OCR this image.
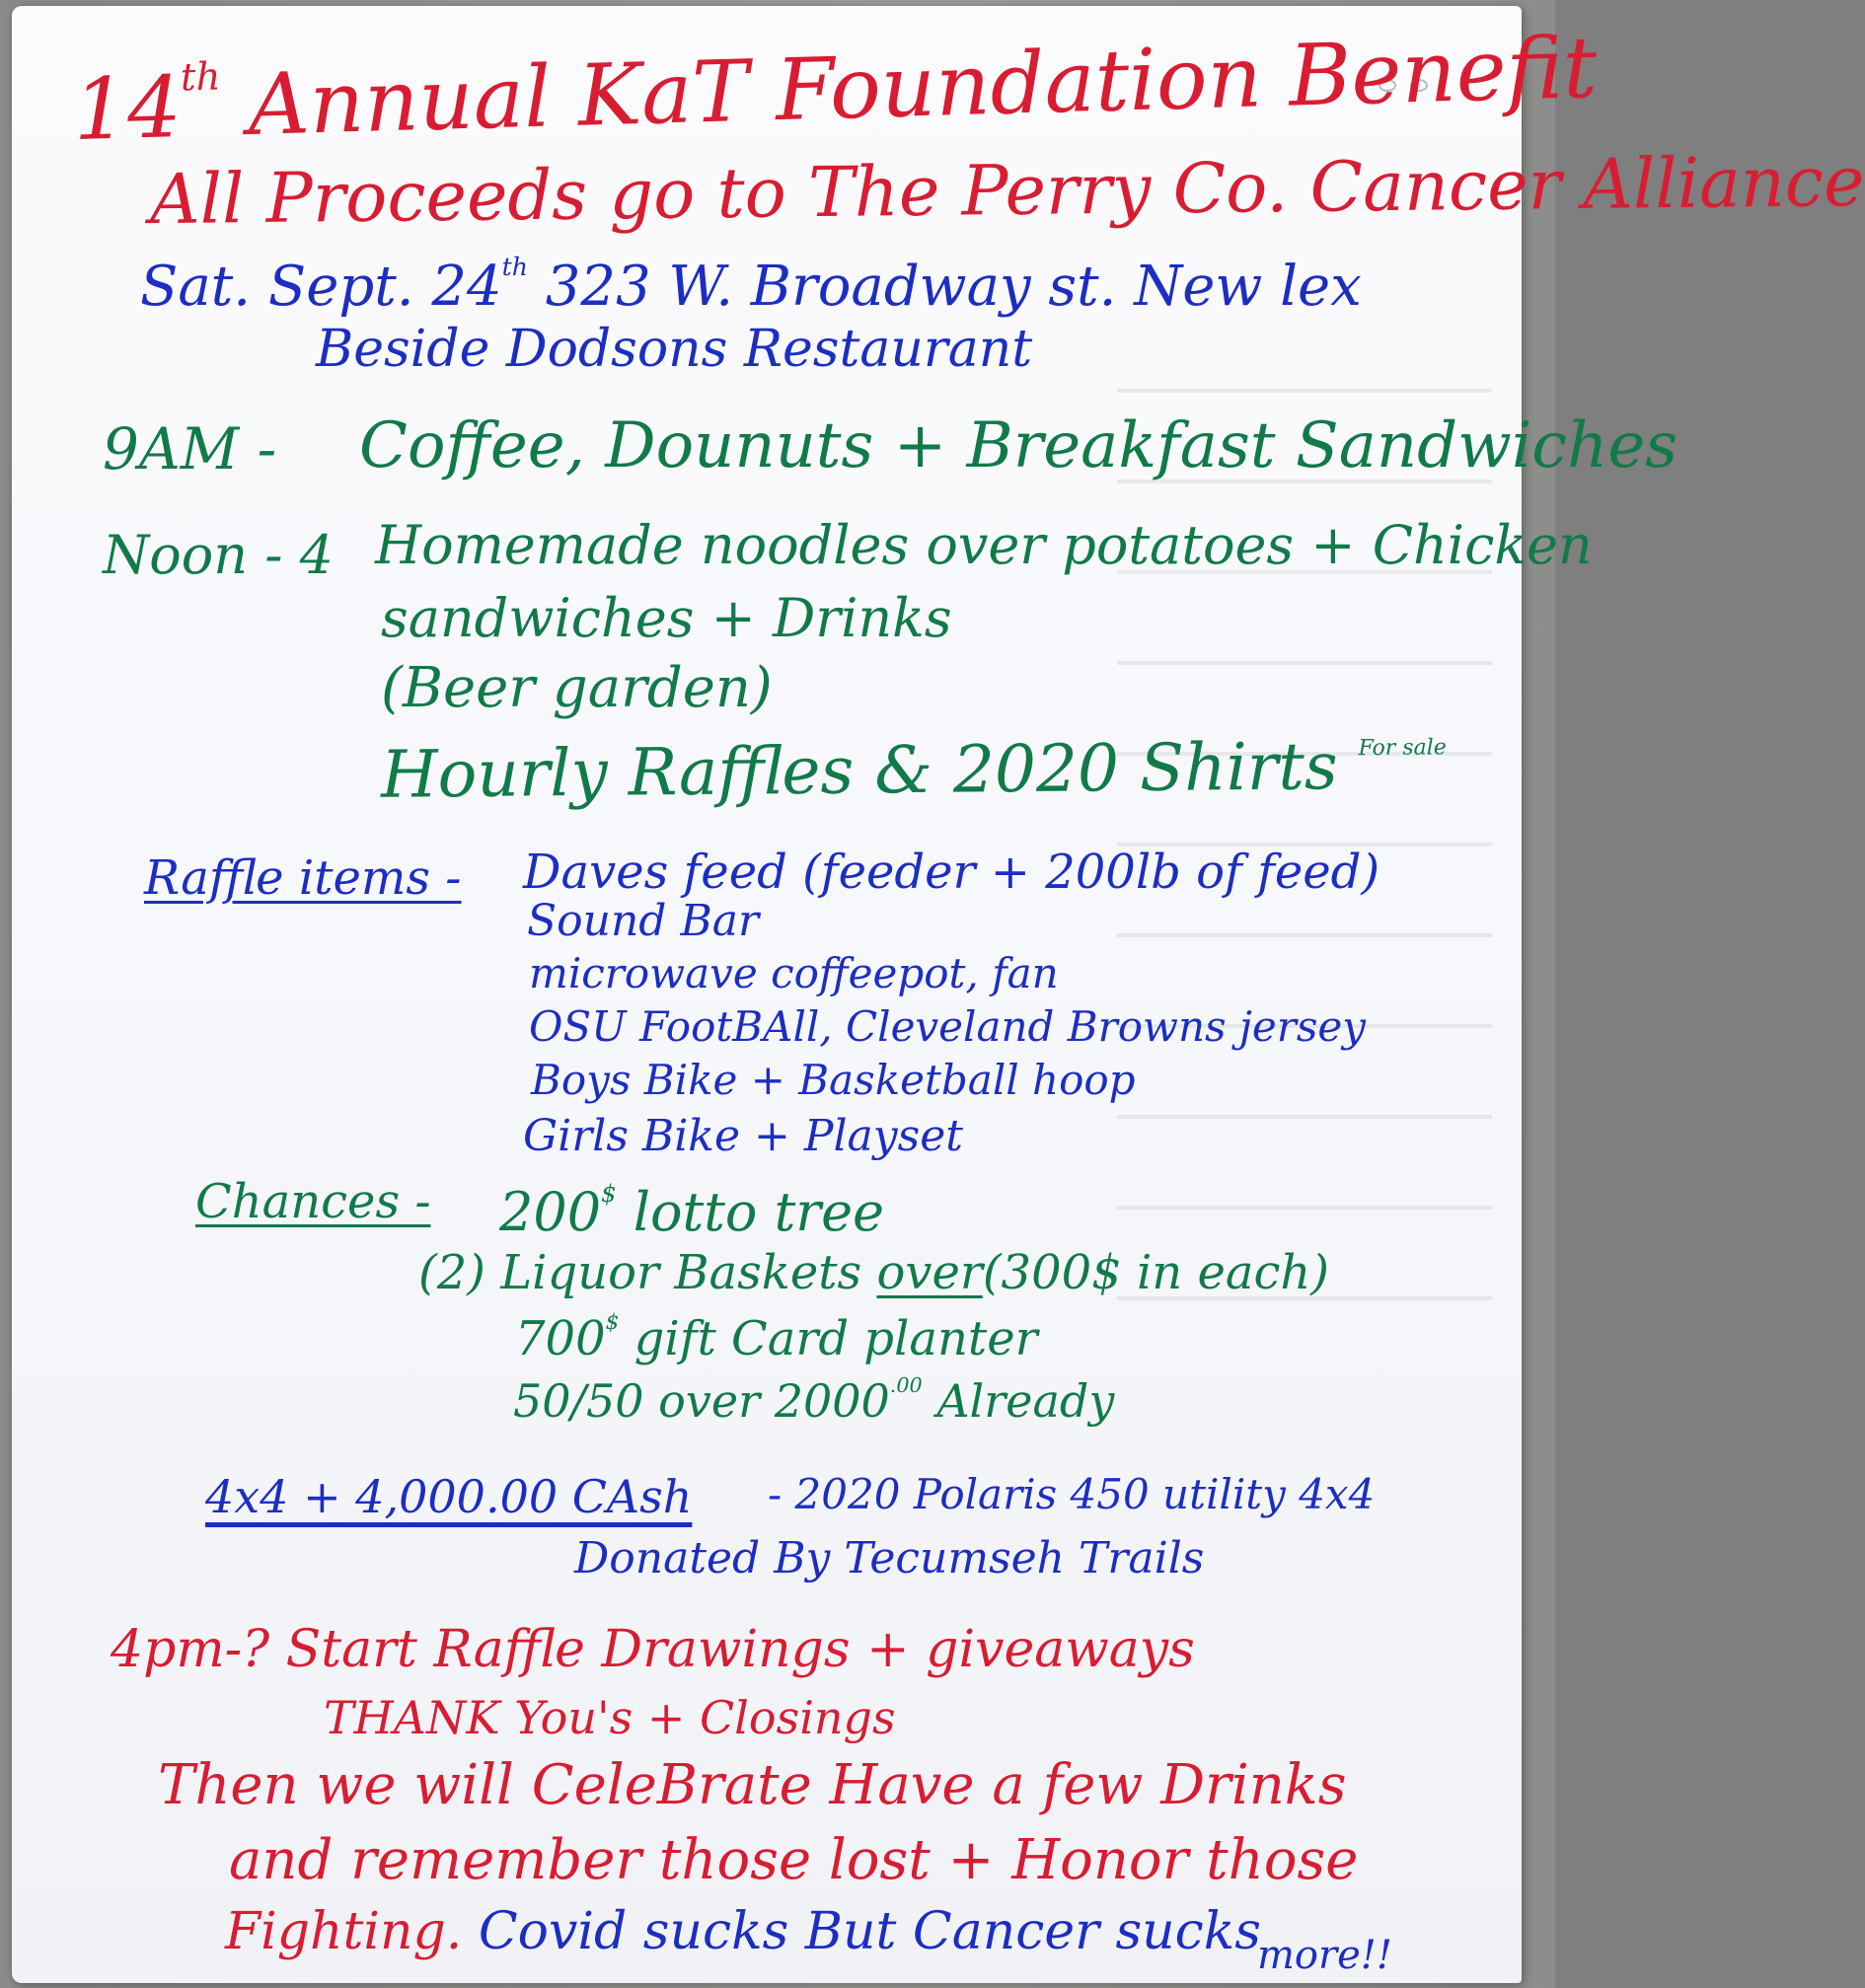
14th Annual KaT Foundation Benefit
All Proceeds go to The Perry Co. Cancer Alliance
Sat. Sept. 24th 323 W. Broadway st. New lex
Beside Dodsons Restaurant
9AM - Coffee, Dounuts + Breakfast Sandwiches
Noon - 4 Homemade noodles over potatoes + Chicken
sandwiches + Drinks
(Beer garden)
Hourly Raffles & 2020 Shirts $^{For sale}$
Raffle items - Daves feed (feeder + 200lb of feed)
Sound Bar
microwave coffeepot, fan
OSU FootBAll, Cleveland Browns jersey
Boys Bike + Basketball hoop
Girls Bike + Playset
Chances - 200$ lotto tree
(2) Liquor Baskets over(300$ in each)
700$ gift Card planter
50/50 over $2000^{.00}$ Already
4x4 + 4,000.00 CAsh - 2020 Polaris 450 utility 4x4
Donated By Tecumseh Trails
4pm-? Start Raffle Drawings + giveaways
THANK You's + Closings
Then we will CeleBrate Have a few Drinks
and remember those lost + Honor those
Fighting. Covid sucks But Cancer sucks
more!!
